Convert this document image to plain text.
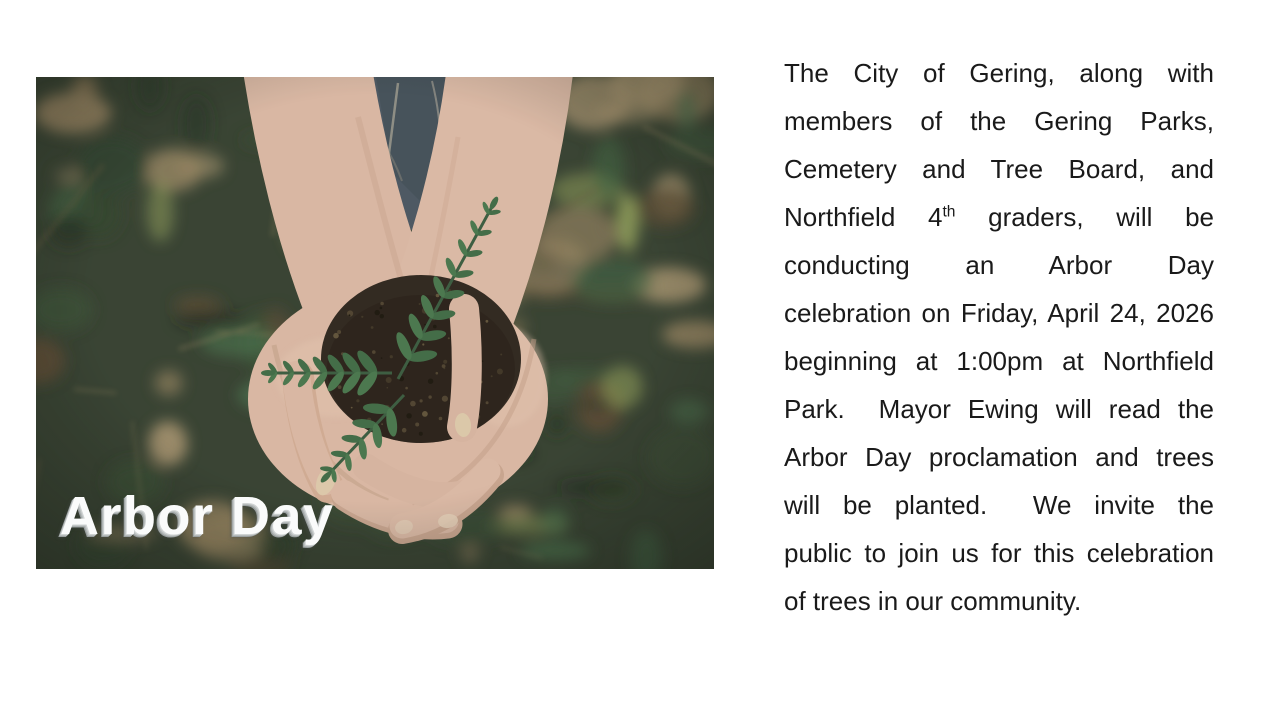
Arbor Day
The City of Gering, along with
members of the Gering Parks,
Cemetery and Tree Board, and
Northfield 4th graders, will be
conducting an Arbor Day
celebration on Friday, April 24, 2026
beginning at 1:00pm at Northfield
Park.  Mayor Ewing will read the
Arbor Day proclamation and trees
will be planted.  We invite the
public to join us for this celebration
of trees in our community.
